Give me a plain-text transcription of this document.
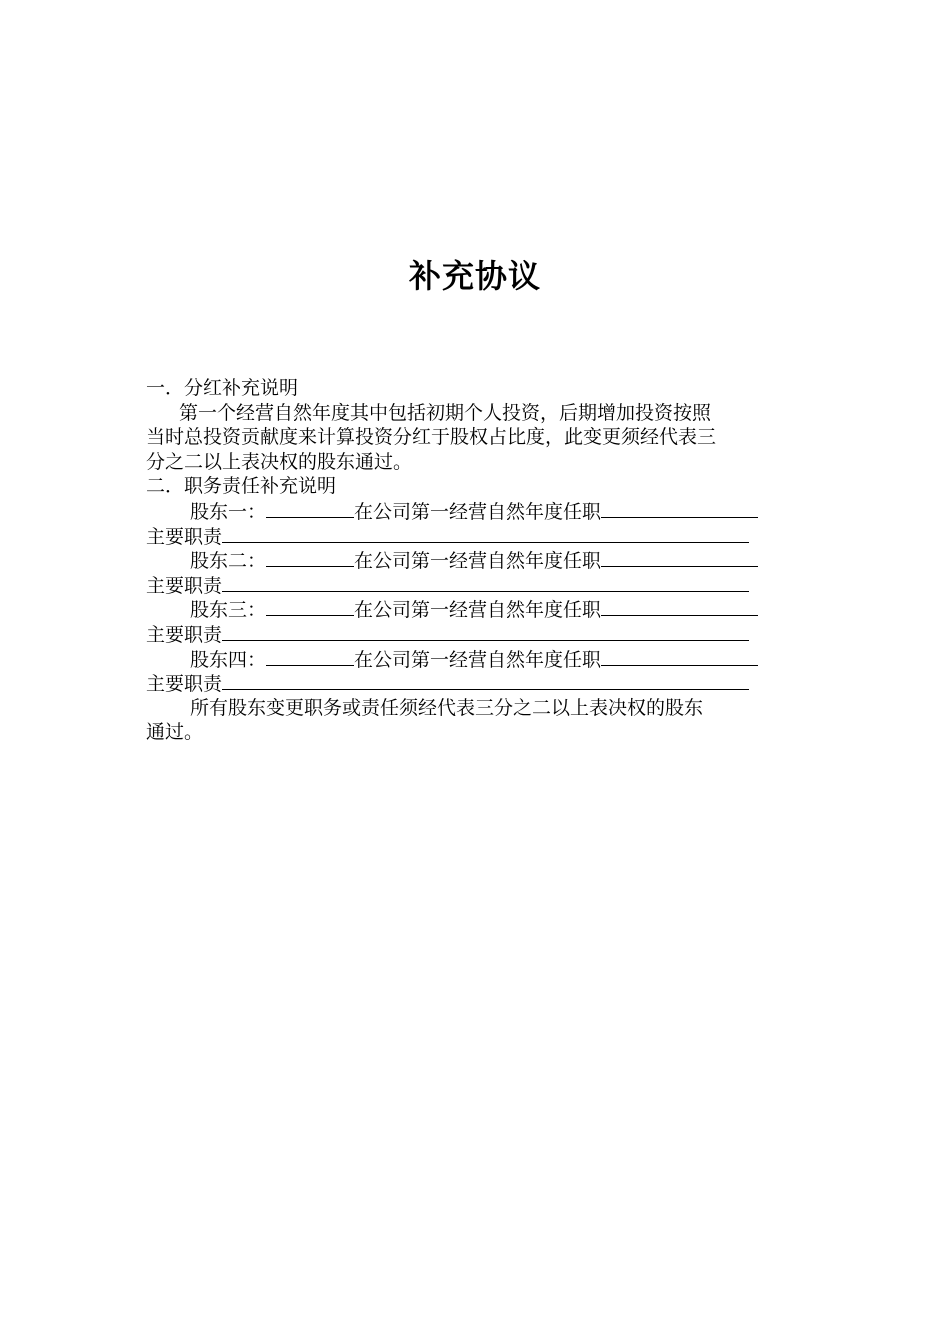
补充协议
一．分红补充说明
第一个经营自然年度其中包括初期个人投资，后期增加投资按照
当时总投资贡献度来计算投资分红于股权占比度，此变更须经代表三
分之二以上表决权的股东通过。
二．职务责任补充说明
股东一：	在公司第一经营自然年度任职
主要职责
股东二：	在公司第一经营自然年度任职
主要职责
股东三：	在公司第一经营自然年度任职
主要职责
股东四：	在公司第一经营自然年度任职
主要职责
所有股东变更职务或责任须经代表三分之二以上表决权的股东
通过。
